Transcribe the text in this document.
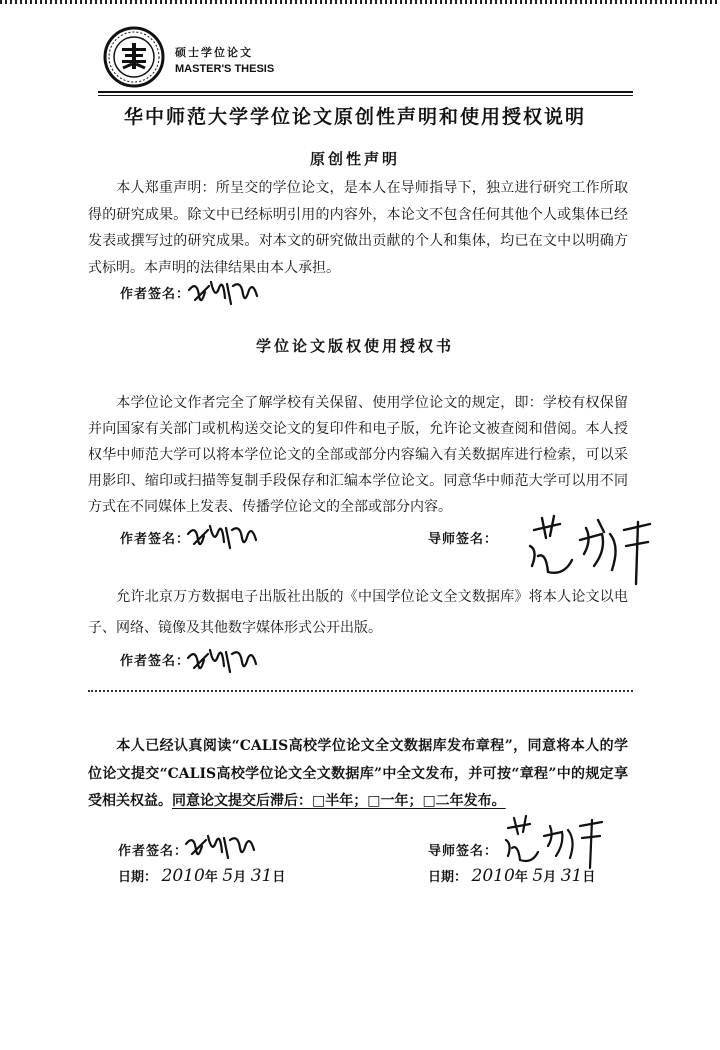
硕士学位论文
MASTER'S THESIS
华中师范大学学位论文原创性声明和使用授权说明
原创性声明
本人郑重声明：所呈交的学位论文，是本人在导师指导下，独立进行研究工作所取得的研究成果。除文中已经标明引用的内容外，本论文不包含任何其他个人或集体已经发表或撰写过的研究成果。对本文的研究做出贡献的个人和集体，均已在文中以明确方式标明。本声明的法律结果由本人承担。
作者签名：
学位论文版权使用授权书
本学位论文作者完全了解学校有关保留、使用学位论文的规定，即：学校有权保留并向国家有关部门或机构送交论文的复印件和电子版，允许论文被查阅和借阅。本人授权华中师范大学可以将本学位论文的全部或部分内容编入有关数据库进行检索，可以采用影印、缩印或扫描等复制手段保存和汇编本学位论文。同意华中师范大学可以用不同方式在不同媒体上发表、传播学位论文的全部或部分内容。
作者签名：	导师签名：
允许北京万方数据电子出版社出版的《中国学位论文全文数据库》将本人论文以电子、网络、镜像及其他数字媒体形式公开出版。
作者签名：
本人已经认真阅读“CALIS高校学位论文全文数据库发布章程”，同意将本人的学位论文提交“CALIS高校学位论文全文数据库”中全文发布，并可按“章程”中的规定享受相关权益。同意论文提交后滞后：□半年；□一年；□二年发布。
作者签名：	导师签名：
日期： 2010年 5月 31日	日期： 2010年 5月 31日
